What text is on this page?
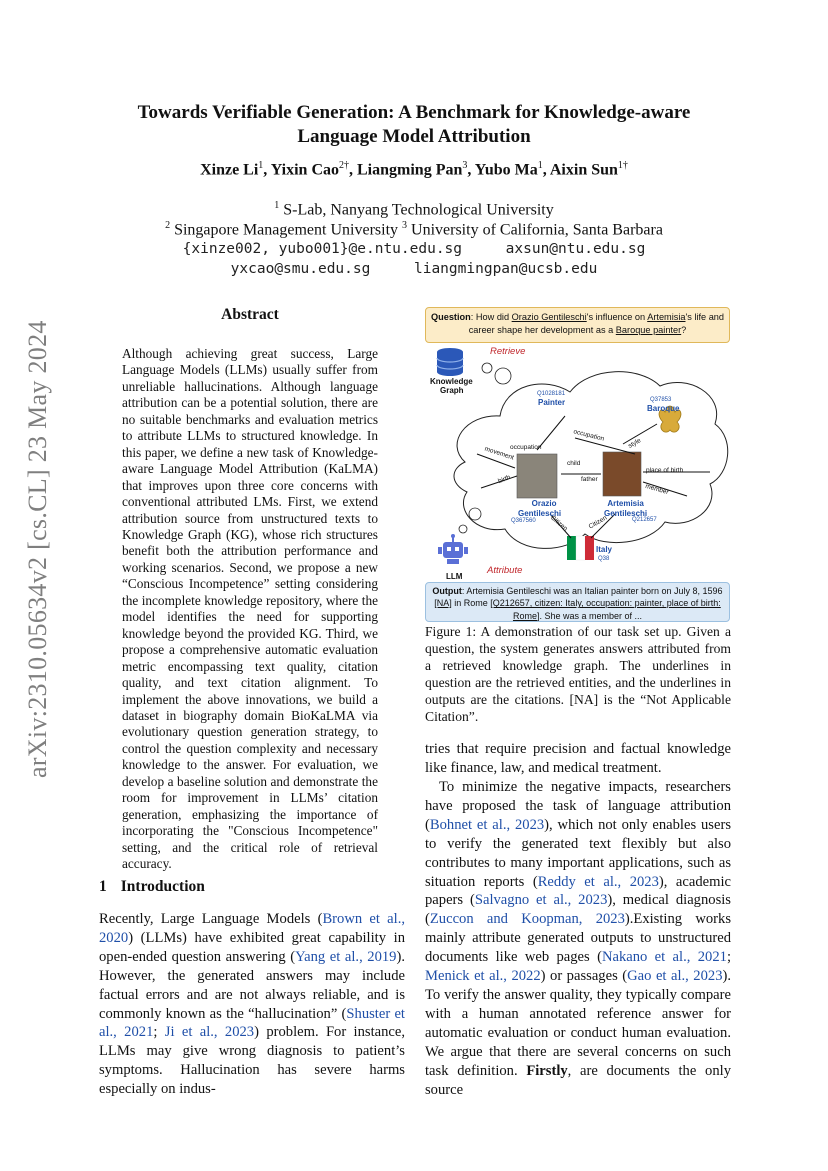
arXiv:2310.05634v2 [cs.CL] 23 May 2024
Towards Verifiable Generation: A Benchmark for Knowledge-aware
Language Model Attribution
Xinze Li$^1$, Yixin Cao$^{2\dagger}$, Liangming Pan$^3$, Yubo Ma$^1$, Aixin Sun$^{1\dagger}$
$^1$ S-Lab, Nanyang Technological University
$^2$ Singapore Management University $^3$ University of California, Santa Barbara
{xinze002, yubo001}@e.ntu.edu.sg     axsun@ntu.edu.sg
yxcao@smu.edu.sg     liangmingpan@ucsb.edu
Abstract
Although achieving great success, Large Language Models (LLMs) usually suffer from unreliable hallucinations. Although language attribution can be a potential solution, there are no suitable benchmarks and evaluation metrics to attribute LLMs to structured knowledge. In this paper, we define a new task of Knowledge-aware Language Model Attribution (KaLMA) that improves upon three core concerns with conventional attributed LMs. First, we extend attribution source from unstructured texts to Knowledge Graph (KG), whose rich structures benefit both the attribution performance and working scenarios. Second, we propose a new “Conscious Incompetence” setting considering the incomplete knowledge repository, where the model identifies the need for supporting knowledge beyond the provided KG. Third, we propose a comprehensive automatic evaluation metric encompassing text quality, citation quality, and text citation alignment. To implement the above innovations, we build a dataset in biography domain BioKaLMA via evolutionary question generation strategy, to control the question complexity and necessary knowledge to the answer. For evaluation, we develop a baseline solution and demonstrate the room for improvement in LLMs’ citation generation, emphasizing the importance of incorporating the "Conscious Incompetence" setting, and the critical role of retrieval accuracy.
1 Introduction
Recently, Large Language Models (Brown et al., 2020) (LLMs) have exhibited great capability in open-ended question answering (Yang et al., 2019). However, the generated answers may include factual errors and are not always reliable, and is commonly known as the “hallucination” (Shuster et al., 2021; Ji et al., 2023) problem. For instance, LLMs may give wrong diagnosis to patient’s symptoms. Hallucination has severe harms especially on indus-
tries that require precision and factual knowledge like finance, law, and medical treatment.
To minimize the negative impacts, researchers have proposed the task of language attribution (Bohnet et al., 2023), which not only enables users to verify the generated text flexibly but also contributes to many important applications, such as situation reports (Reddy et al., 2023), academic papers (Salvagno et al., 2023), medical diagnosis (Zuccon and Koopman, 2023).Existing works mainly attribute generated outputs to unstructured documents like web pages (Nakano et al., 2021; Menick et al., 2022) or passages (Gao et al., 2023). To verify the answer quality, they typically compare with a human annotated reference answer for automatic evaluation or conduct human evaluation. We argue that there are several concerns on such task definition. Firstly, are documents the only source
Question: How did Orazio Gentileschi's influence on Artemisia's life and career shape her development as a Baroque painter?
Retrieve
Attribute
Knowledge
Graph
LLM
Q1028181
Painter	Q37853
Baroque
Orazio
Gentileschi
Q367560
Artemisia
Gentileschi
Q212657
Italy
Q38
occupation
occupation
style
movement
birth
child
father
place of birth
member
Citizen	Citizen
Output: Artemisia Gentileschi was an Italian painter born on July 8, 1596 [NA] in Rome [Q212657, citizen: Italy, occupation: painter, place of birth: Rome]. She was a member of ...
Figure 1: A demonstration of our task set up. Given a question, the system generates answers attributed from a retrieved knowledge graph. The underlines in question are the retrieved entities, and the underlines in outputs are the citations. [NA] is the “Not Applicable Citation”.
